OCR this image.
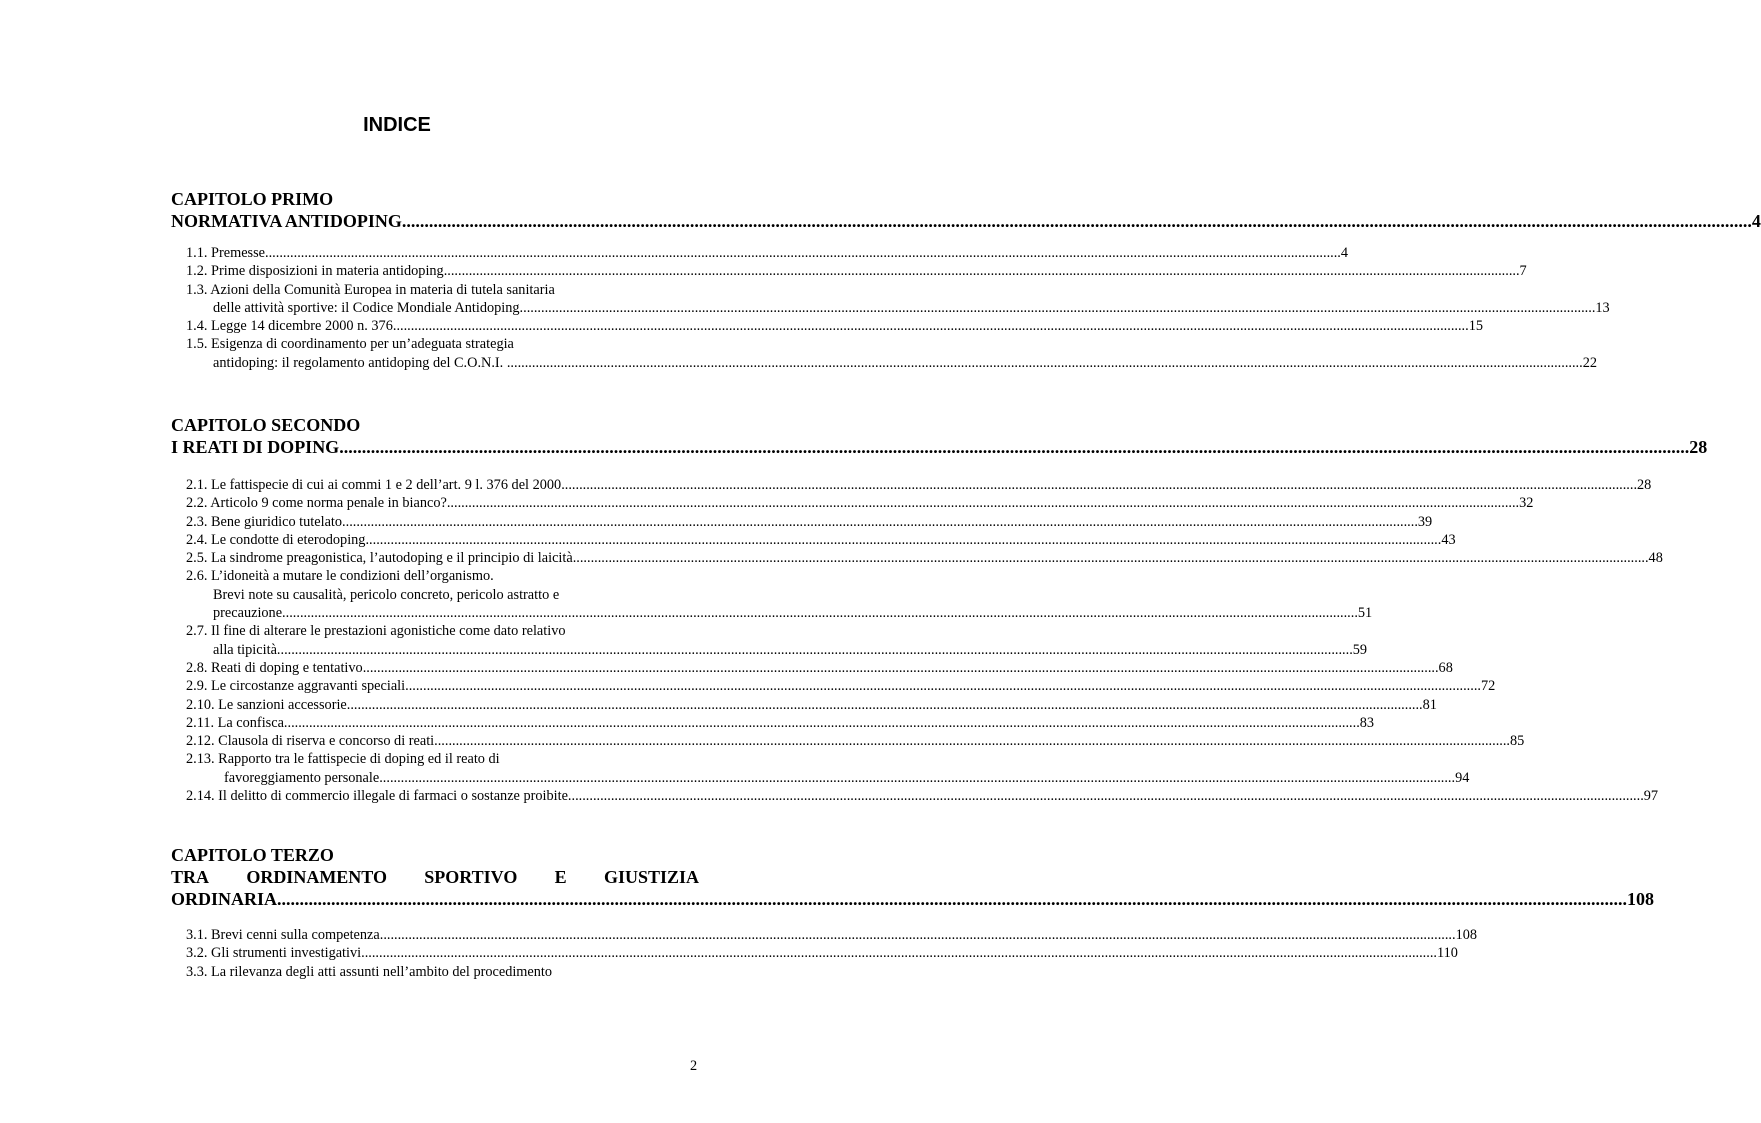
INDICE
CAPITOLO PRIMO
NORMATIVA ANTIDOPING ............................................................................................................................................................................................................................................................................................................ 4
1.1. Premesse. ............................................................................................................................................................................................................................................................................................................ 4
1.2. Prime disposizioni in materia antidoping. ............................................................................................................................................................................................................................................................................................................ 7
1.3. Azioni della Comunità Europea in materia di tutela sanitaria
delle attività sportive: il Codice Mondiale Antidoping. ............................................................................................................................................................................................................................................................................................................ 13
1.4. Legge 14 dicembre 2000 n. 376. ............................................................................................................................................................................................................................................................................................................ 15
1.5. Esigenza di coordinamento per un’adeguata strategia
antidoping: il regolamento antidoping del C.O.N.I. . ............................................................................................................................................................................................................................................................................................................ 22
CAPITOLO SECONDO
I REATI DI DOPING ............................................................................................................................................................................................................................................................................................................ 28
2.1. Le fattispecie di cui ai commi 1 e 2 dell’art. 9 l. 376 del 2000. ............................................................................................................................................................................................................................................................................................................ 28
2.2. Articolo 9 come norma penale in bianco? ............................................................................................................................................................................................................................................................................................................ 32
2.3. Bene giuridico tutelato. ............................................................................................................................................................................................................................................................................................................ 39
2.4. Le condotte di eterodoping. ............................................................................................................................................................................................................................................................................................................ 43
2.5. La sindrome preagonistica, l’autodoping e il principio di laicità. ............................................................................................................................................................................................................................................................................................................ 48
2.6. L’idoneità a mutare le condizioni dell’organismo.
Brevi note su causalità, pericolo concreto, pericolo astratto e
precauzione. ............................................................................................................................................................................................................................................................................................................ 51
2.7. Il fine di alterare le prestazioni agonistiche come dato relativo
alla tipicità. ............................................................................................................................................................................................................................................................................................................ 59
2.8. Reati di doping e tentativo. ............................................................................................................................................................................................................................................................................................................ 68
2.9. Le circostanze aggravanti speciali. ............................................................................................................................................................................................................................................................................................................ 72
2.10. Le sanzioni accessorie. ............................................................................................................................................................................................................................................................................................................ 81
2.11. La confisca. ............................................................................................................................................................................................................................................................................................................ 83
2.12. Clausola di riserva e concorso di reati. ............................................................................................................................................................................................................................................................................................................ 85
2.13. Rapporto tra le fattispecie di doping ed il reato di
favoreggiamento personale. ............................................................................................................................................................................................................................................................................................................ 94
2.14. Il delitto di commercio illegale di farmaci o sostanze proibite. ............................................................................................................................................................................................................................................................................................................ 97
CAPITOLO TERZO
TRA ORDINAMENTO SPORTIVO E GIUSTIZIA
ORDINARIA ............................................................................................................................................................................................................................................................................................................ 108
3.1. Brevi cenni sulla competenza. ............................................................................................................................................................................................................................................................................................................ 108
3.2. Gli strumenti investigativi. ............................................................................................................................................................................................................................................................................................................ 110
3.3. La rilevanza degli atti assunti nell’ambito del procedimento
2
